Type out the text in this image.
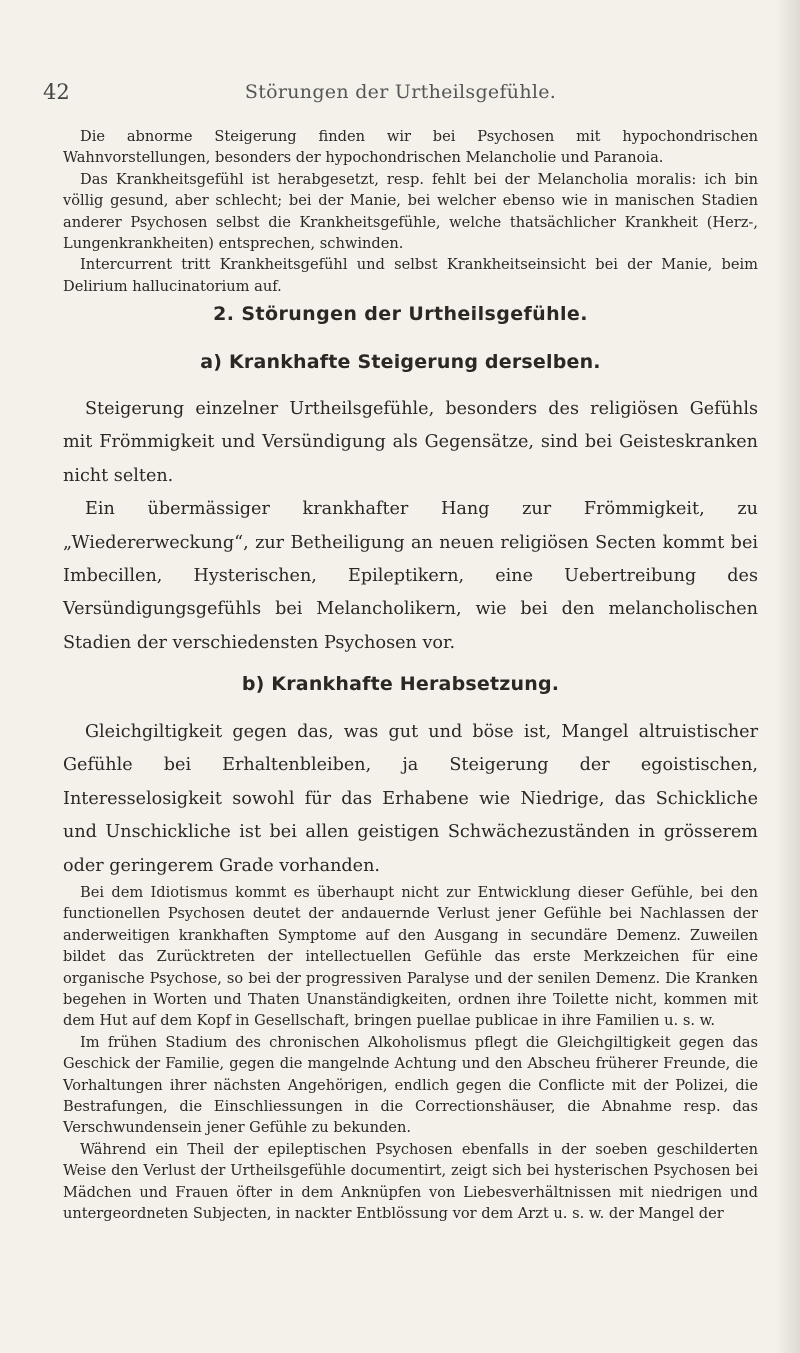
42	Störungen der Urtheilsgefühle.

Die abnorme Steigerung finden wir bei Psychosen mit hypochondrischen Wahnvorstellungen, besonders der hypochondrischen Melancholie und Paranoia.

Das Krankheitsgefühl ist herabgesetzt, resp. fehlt bei der Melancholia moralis: ich bin völlig gesund, aber schlecht; bei der Manie, bei welcher ebenso wie in manischen Stadien anderer Psychosen selbst die Krankheitsgefühle, welche thatsächlicher Krankheit (Herz-, Lungenkrankheiten) entsprechen, schwinden.

Intercurrent tritt Krankheitsgefühl und selbst Krankheitseinsicht bei der Manie, beim Delirium hallucinatorium auf.

2. Störungen der Urtheilsgefühle.
a) Krankhafte Steigerung derselben.

Steigerung einzelner Urtheilsgefühle, besonders des religiösen Gefühls mit Frömmigkeit und Versündigung als Gegensätze, sind bei Geisteskranken nicht selten.

Ein übermässiger krankhafter Hang zur Frömmigkeit, zu „Wiedererweckung“, zur Betheiligung an neuen religiösen Secten kommt bei Imbecillen, Hysterischen, Epileptikern, eine Uebertreibung des Versündigungsgefühls bei Melancholikern, wie bei den melancholischen Stadien der verschiedensten Psychosen vor.

b) Krankhafte Herabsetzung.

Gleichgiltigkeit gegen das, was gut und böse ist, Mangel altruistischer Gefühle bei Erhaltenbleiben, ja Steigerung der egoistischen, Interesselosigkeit sowohl für das Erhabene wie Niedrige, das Schickliche und Unschickliche ist bei allen geistigen Schwächezuständen in grösserem oder geringerem Grade vorhanden.

Bei dem Idiotismus kommt es überhaupt nicht zur Entwicklung dieser Gefühle, bei den functionellen Psychosen deutet der andauernde Verlust jener Gefühle bei Nachlassen der anderweitigen krankhaften Symptome auf den Ausgang in secundäre Demenz. Zuweilen bildet das Zurücktreten der intellectuellen Gefühle das erste Merkzeichen für eine organische Psychose, so bei der progressiven Paralyse und der senilen Demenz. Die Kranken begehen in Worten und Thaten Unanständigkeiten, ordnen ihre Toilette nicht, kommen mit dem Hut auf dem Kopf in Gesellschaft, bringen puellae publicae in ihre Familien u. s. w.

Im frühen Stadium des chronischen Alkoholismus pflegt die Gleichgiltigkeit gegen das Geschick der Familie, gegen die mangelnde Achtung und den Abscheu früherer Freunde, die Vorhaltungen ihrer nächsten Angehörigen, endlich gegen die Conflicte mit der Polizei, die Bestrafungen, die Einschliessungen in die Correctionshäuser, die Abnahme resp. das Verschwundensein jener Gefühle zu bekunden.

Während ein Theil der epileptischen Psychosen ebenfalls in der soeben geschilderten Weise den Verlust der Urtheilsgefühle documentirt, zeigt sich bei hysterischen Psychosen bei Mädchen und Frauen öfter in dem Anknüpfen von Liebesverhältnissen mit niedrigen und untergeordneten Subjecten, in nackter Entblössung vor dem Arzt u. s. w. der Mangel der
